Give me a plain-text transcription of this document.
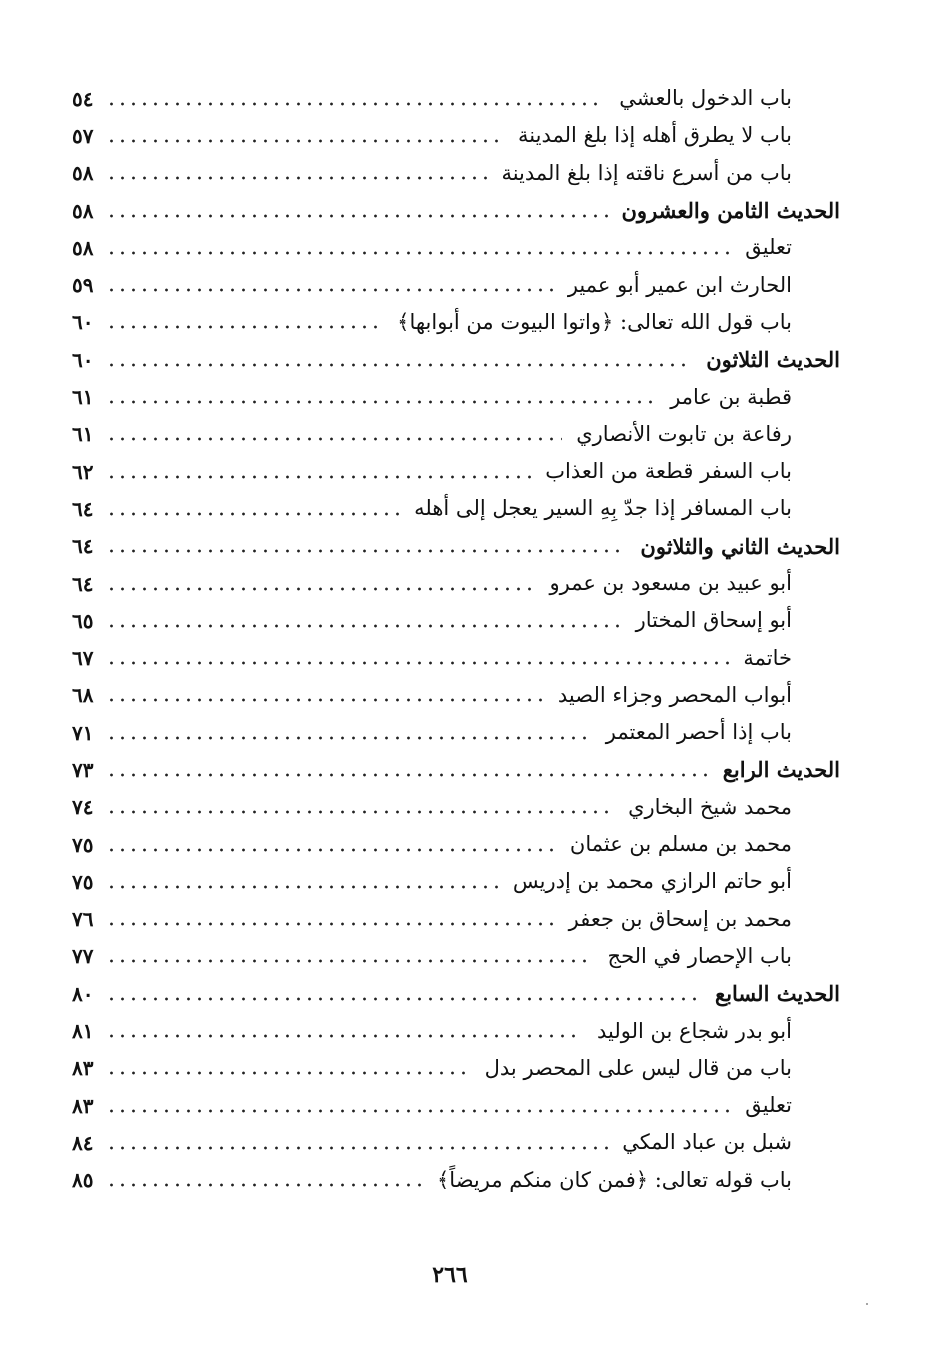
باب الدخول بالعشي
٥٤
باب لا يطرق أهله إذا بلغ المدينة
٥٧
باب من أسرع ناقته إذا بلغ المدينة
٥٨
الحديث الثامن والعشرون
٥٨
تعليق
٥٨
الحارث ابن عمير أبو عمير
٥٩
باب قول الله تعالى: ﴿واتوا البيوت من أبوابها﴾
٦٠
الحديث الثلاثون
٦٠
قطبة بن عامر
٦١
رفاعة بن تابوت الأنصاري
٦١
باب السفر قطعة من العذاب
٦٢
باب المسافر إذا جدّ بِهِ السير يعجل إلى أهله
٦٤
الحديث الثاني والثلاثون
٦٤
أبو عبيد بن مسعود بن عمرو
٦٤
أبو إسحاق المختار
٦٥
خاتمة
٦٧
أبواب المحصر وجزاء الصيد
٦٨
باب إذا أحصر المعتمر
٧١
الحديث الرابع
٧٣
محمد شيخ البخاري
٧٤
محمد بن مسلم بن عثمان
٧٥
أبو حاتم الرازي محمد بن إدريس
٧٥
محمد بن إسحاق بن جعفر
٧٦
باب الإحصار في الحج
٧٧
الحديث السابع
٨٠
أبو بدر شجاع بن الوليد
٨١
باب من قال ليس على المحصر بدل
٨٣
تعليق
٨٣
شبل بن عباد المكي
٨٤
باب قوله تعالى: ﴿فمن كان منكم مريضاً﴾
٨٥
٢٦٦
